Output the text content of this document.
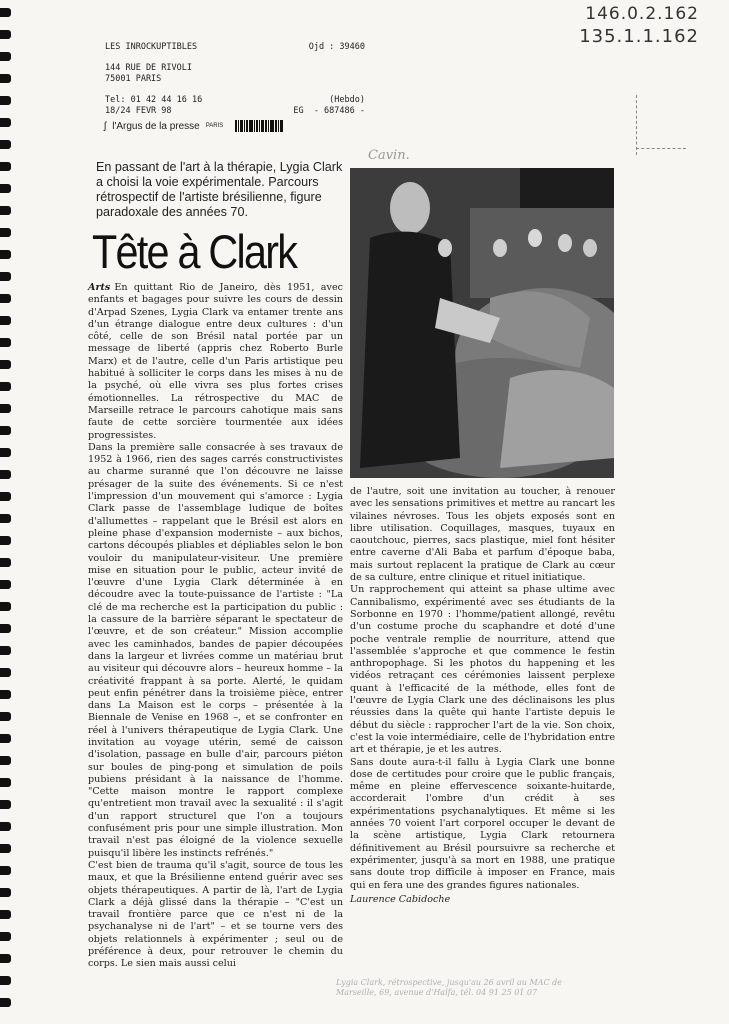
146.0.2.162
135.1.1.162
LES INROCKUPTIBLES	Ojd : 39460
144 RUE DE RIVOLI
75001 PARIS
Tel: 01 42 44 16 16	(Hebdo)
18/24 FEVR 98	EG  - 687486 -
ʃ l'Argus de la presse PARIS
Cavin.
En passant de l'art à la thérapie, Lygia Clark a choisi la voie expérimentale. Parcours rétrospectif de l'artiste brésilienne, figure paradoxale des années 70.
Tête à Clark

Arts En quittant Rio de Janeiro, dès 1951, avec enfants et bagages pour suivre les cours de dessin d'Arpad Szenes, Lygia Clark va entamer trente ans d'un étrange dialogue entre deux cultures : d'un côté, celle de son Brésil natal portée par un message de liberté (appris chez Roberto Burle Marx) et de l'autre, celle d'un Paris artistique peu habitué à solliciter le corps dans les mises à nu de la psyché, où elle vivra ses plus fortes crises émotionnelles. La rétrospective du MAC de Marseille retrace le parcours cahotique mais sans faute de cette sorcière tourmentée aux idées progressistes.

Dans la première salle consacrée à ses travaux de 1952 à 1966, rien des sages carrés constructivistes au charme suranné que l'on découvre ne laisse présager de la suite des événements. Si ce n'est l'impression d'un mouvement qui s'amorce : Lygia Clark passe de l'assemblage ludique de boîtes d'allumettes – rappelant que le Brésil est alors en pleine phase d'expansion moderniste – aux bichos, cartons découpés pliables et dépliables selon le bon vouloir du manipulateur-visiteur. Une première mise en situation pour le public, acteur invité de l'œuvre d'une Lygia Clark déterminée à en découdre avec la toute-puissance de l'artiste : "La clé de ma recherche est la participation du public : la cassure de la barrière séparant le spectateur de l'œuvre, et de son créateur." Mission accomplie avec les caminhados, bandes de papier découpées dans la largeur et livrées comme un matériau brut au visiteur qui découvre alors – heureux homme – la créativité frappant à sa porte. Alerté, le quidam peut enfin pénétrer dans la troisième pièce, entrer dans La Maison est le corps – présentée à la Biennale de Venise en 1968 –, et se confronter en réel à l'univers thérapeutique de Lygia Clark. Une invitation au voyage utérin, semé de caisson d'isolation, passage en bulle d'air, parcours piéton sur boules de ping-pong et simulation de poils pubiens présidant à la naissance de l'homme. "Cette maison montre le rapport complexe qu'entretient mon travail avec la sexualité : il s'agit d'un rapport structurel que l'on a toujours confusément pris pour une simple illustration. Mon travail n'est pas éloigné de la violence sexuelle puisqu'il libère les instincts refrénés."

C'est bien de trauma qu'il s'agit, source de tous les maux, et que la Brésilienne entend guérir avec ses objets thérapeutiques. A partir de là, l'art de Lygia Clark a déjà glissé dans la thérapie – "C'est un travail frontière parce que ce n'est ni de la psychanalyse ni de l'art" – et se tourne vers des objets relationnels à expérimenter ; seul ou de préférence à deux, pour retrouver le chemin du corps. Le sien mais aussi celui

de l'autre, soit une invitation au toucher, à renouer avec les sensations primitives et mettre au rancart les vilaines névroses. Tous les objets exposés sont en libre utilisation. Coquillages, masques, tuyaux en caoutchouc, pierres, sacs plastique, miel font hésiter entre caverne d'Ali Baba et parfum d'époque baba, mais surtout replacent la pratique de Clark au cœur de sa culture, entre clinique et rituel initiatique.

Un rapprochement qui atteint sa phase ultime avec Cannibalismo, expérimenté avec ses étudiants de la Sorbonne en 1970 : l'homme/patient allongé, revêtu d'un costume proche du scaphandre et doté d'une poche ventrale remplie de nourriture, attend que l'assemblée s'approche et que commence le festin anthropophage. Si les photos du happening et les vidéos retraçant ces cérémonies laissent perplexe quant à l'efficacité de la méthode, elles font de l'œuvre de Lygia Clark une des déclinaisons les plus réussies dans la quête qui hante l'artiste depuis le début du siècle : rapprocher l'art de la vie. Son choix, c'est la voie intermédiaire, celle de l'hybridation entre art et thérapie, je et les autres.

Sans doute aura-t-il fallu à Lygia Clark une bonne dose de certitudes pour croire que le public français, même en pleine effervescence soixante-huitarde, accorderait l'ombre d'un crédit à ses expérimentations psychanalytiques. Et même si les années 70 voient l'art corporel occuper le devant de la scène artistique, Lygia Clark retournera définitivement au Brésil poursuivre sa recherche et expérimenter, jusqu'à sa mort en 1988, une pratique sans doute trop difficile à imposer en France, mais qui en fera une des grandes figures nationales.

Laurence Cabidoche

Lygia Clark, rétrospective, jusqu'au 26 avril au MAC de Marseille, 69, avenue d'Haïfa, tél. 04 91 25 01 07
